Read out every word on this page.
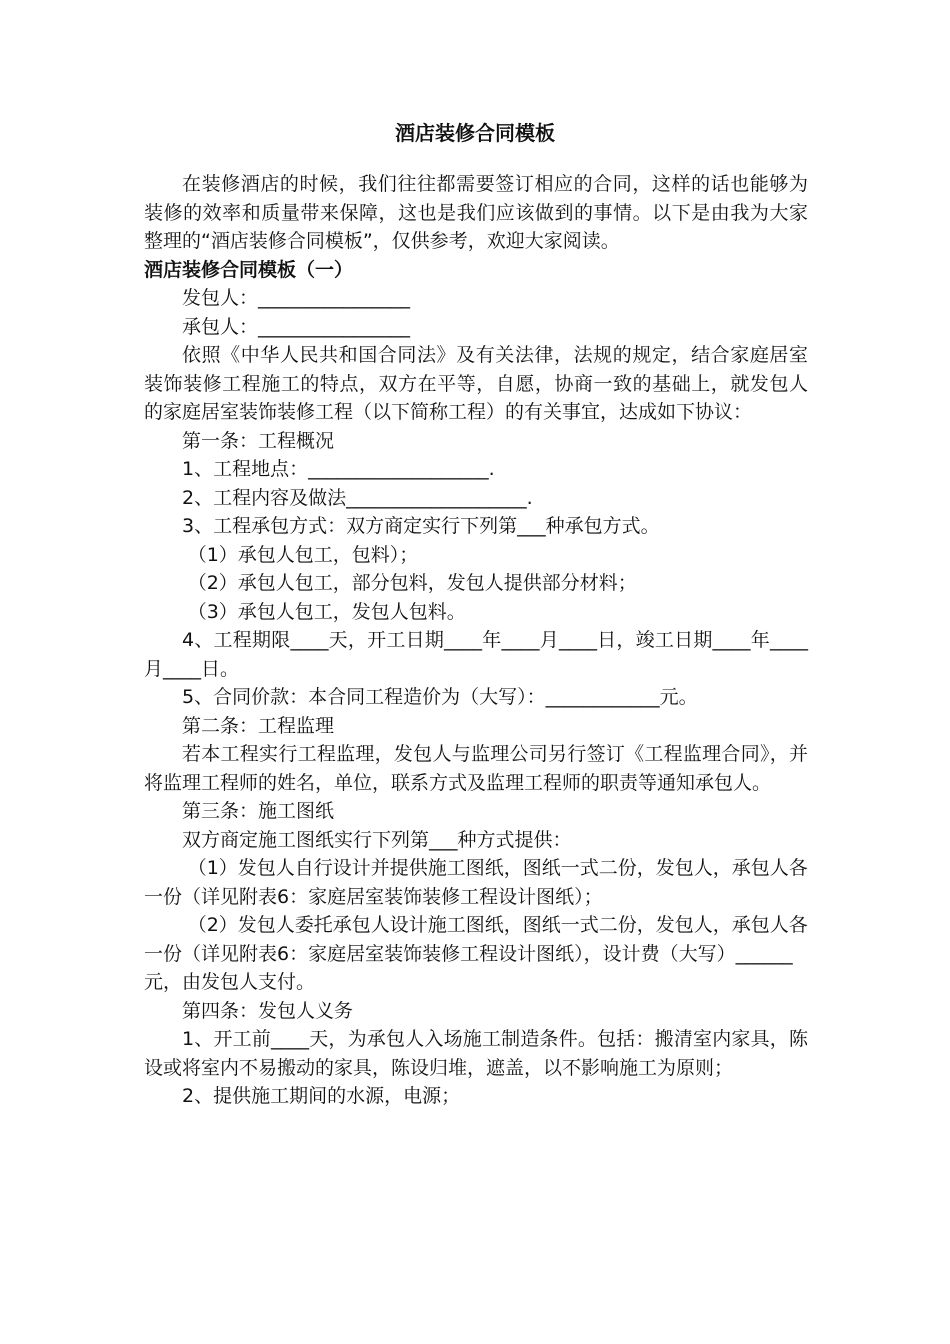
酒店装修合同模板

在装修酒店的时候，我们往往都需要签订相应的合同，这样的话也能够为装修的效率和质量带来保障，这也是我们应该做到的事情。以下是由我为大家整理的“酒店装修合同模板”，仅供参考，欢迎大家阅读。

酒店装修合同模板（一）

发包人：________________

承包人：________________

依照《中华人民共和国合同法》及有关法律，法规的规定，结合家庭居室装饰装修工程施工的特点，双方在平等，自愿，协商一致的基础上，就发包人的家庭居室装饰装修工程（以下简称工程）的有关事宜，达成如下协议：

第一条：工程概况

1、工程地点：___________________.

2、工程内容及做法___________________.

3、工程承包方式：双方商定实行下列第___种承包方式。

（1）承包人包工，包料）；

（2）承包人包工，部分包料，发包人提供部分材料；

（3）承包人包工，发包人包料。

4、工程期限____天，开工日期____年____月____日，竣工日期____年____月____日。

5、合同价款：本合同工程造价为（大写）：____________元。

第二条：工程监理

若本工程实行工程监理，发包人与监理公司另行签订《工程监理合同》，并将监理工程师的姓名，单位，联系方式及监理工程师的职责等通知承包人。

第三条：施工图纸

双方商定施工图纸实行下列第___种方式提供：

（1）发包人自行设计并提供施工图纸，图纸一式二份，发包人，承包人各一份（详见附表6：家庭居室装饰装修工程设计图纸）；

（2）发包人委托承包人设计施工图纸，图纸一式二份，发包人，承包人各一份（详见附表6：家庭居室装饰装修工程设计图纸），设计费（大写）______元，由发包人支付。

第四条：发包人义务

1、开工前____天，为承包人入场施工制造条件。包括：搬清室内家具，陈设或将室内不易搬动的家具，陈设归堆，遮盖，以不影响施工为原则；

2、提供施工期间的水源，电源；
